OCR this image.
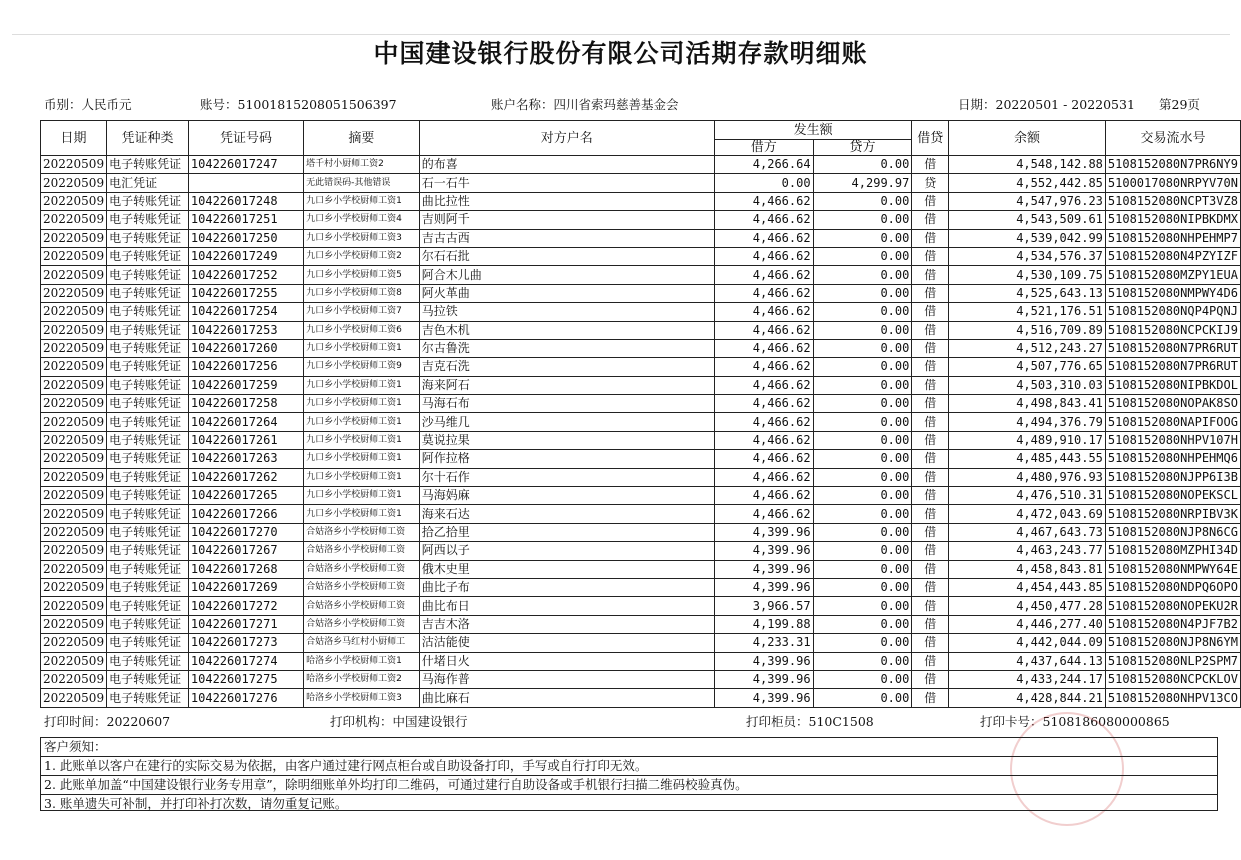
中国建设银行股份有限公司活期存款明细账
币别：人民币元	账号：51001815208051506397	账户名称：四川省索玛慈善基金会	日期：20220501 - 20220531 第29页
日期	凭证种类	凭证号码	摘要	对方户名	发生额		借贷	余额	交易流水号
					借方	贷方			
20220509	电子转账凭证	104226017247	塔千村小厨师工资2	的布喜	4,266.64	0.00	借	4,548,142.88	5108152080N7PR6NY9
20220509	电汇凭证		无此错误码-其他错误	石一石牛	0.00	4,299.97	贷	4,552,442.85	5100017080NRPYV70N
20220509	电子转账凭证	104226017248	九口乡小学校厨师工资1	曲比拉性	4,466.62	0.00	借	4,547,976.23	5108152080NCPT3VZ8
20220509	电子转账凭证	104226017251	九口乡小学校厨师工资4	吉则阿千	4,466.62	0.00	借	4,543,509.61	5108152080NIPBKDMX
20220509	电子转账凭证	104226017250	九口乡小学校厨师工资3	吉古古西	4,466.62	0.00	借	4,539,042.99	5108152080NHPEHMP7
20220509	电子转账凭证	104226017249	九口乡小学校厨师工资2	尔石石批	4,466.62	0.00	借	4,534,576.37	5108152080N4PZYIZF
20220509	电子转账凭证	104226017252	九口乡小学校厨师工资5	阿合木儿曲	4,466.62	0.00	借	4,530,109.75	5108152080MZPY1EUA
20220509	电子转账凭证	104226017255	九口乡小学校厨师工资8	阿火革曲	4,466.62	0.00	借	4,525,643.13	5108152080NMPWY4D6
20220509	电子转账凭证	104226017254	九口乡小学校厨师工资7	马拉铁	4,466.62	0.00	借	4,521,176.51	5108152080NQP4PQNJ
20220509	电子转账凭证	104226017253	九口乡小学校厨师工资6	吉色木机	4,466.62	0.00	借	4,516,709.89	5108152080NCPCKIJ9
20220509	电子转账凭证	104226017260	九口乡小学校厨师工资1	尔古鲁洗	4,466.62	0.00	借	4,512,243.27	5108152080N7PR6RUT
20220509	电子转账凭证	104226017256	九口乡小学校厨师工资9	吉克石洗	4,466.62	0.00	借	4,507,776.65	5108152080N7PR6RUT
20220509	电子转账凭证	104226017259	九口乡小学校厨师工资1	海来阿石	4,466.62	0.00	借	4,503,310.03	5108152080NIPBKDOL
20220509	电子转账凭证	104226017258	九口乡小学校厨师工资1	马海石布	4,466.62	0.00	借	4,498,843.41	5108152080NOPAK8SO
20220509	电子转账凭证	104226017264	九口乡小学校厨师工资1	沙马维几	4,466.62	0.00	借	4,494,376.79	5108152080NAPIFOOG
20220509	电子转账凭证	104226017261	九口乡小学校厨师工资1	莫说拉果	4,466.62	0.00	借	4,489,910.17	5108152080NHPV107H
20220509	电子转账凭证	104226017263	九口乡小学校厨师工资1	阿作拉格	4,466.62	0.00	借	4,485,443.55	5108152080NHPEHMQ6
20220509	电子转账凭证	104226017262	九口乡小学校厨师工资1	尔十石作	4,466.62	0.00	借	4,480,976.93	5108152080NJPP6I3B
20220509	电子转账凭证	104226017265	九口乡小学校厨师工资1	马海妈麻	4,466.62	0.00	借	4,476,510.31	5108152080NOPEKSCL
20220509	电子转账凭证	104226017266	九口乡小学校厨师工资1	海来石达	4,466.62	0.00	借	4,472,043.69	5108152080NRPIBV3K
20220509	电子转账凭证	104226017270	合姑洛乡小学校厨师工资	拾乙拾里	4,399.96	0.00	借	4,467,643.73	5108152080NJP8N6CG
20220509	电子转账凭证	104226017267	合姑洛乡小学校厨师工资	阿西以子	4,399.96	0.00	借	4,463,243.77	5108152080MZPHI34D
20220509	电子转账凭证	104226017268	合姑洛乡小学校厨师工资	俄木史里	4,399.96	0.00	借	4,458,843.81	5108152080NMPWY64E
20220509	电子转账凭证	104226017269	合姑洛乡小学校厨师工资	曲比子布	4,399.96	0.00	借	4,454,443.85	5108152080NDPQ6OPO
20220509	电子转账凭证	104226017272	合姑洛乡小学校厨师工资	曲比布日	3,966.57	0.00	借	4,450,477.28	5108152080NOPEKU2R
20220509	电子转账凭证	104226017271	合姑洛乡小学校厨师工资	吉吉木洛	4,199.88	0.00	借	4,446,277.40	5108152080N4PJF7B2
20220509	电子转账凭证	104226017273	合姑洛乡马红村小厨师工	沽沽能使	4,233.31	0.00	借	4,442,044.09	5108152080NJP8N6YM
20220509	电子转账凭证	104226017274	哈洛乡小学校厨师工资1	什堵日火	4,399.96	0.00	借	4,437,644.13	5108152080NLP2SPM7
20220509	电子转账凭证	104226017275	哈洛乡小学校厨师工资2	马海作普	4,399.96	0.00	借	4,433,244.17	5108152080NCPCKLOV
20220509	电子转账凭证	104226017276	哈洛乡小学校厨师工资3	曲比麻石	4,399.96	0.00	借	4,428,844.21	5108152080NHPV13CO
打印时间：20220607	打印机构：中国建设银行	打印柜员：510C1508	打印卡号：5108186080000865
客户须知：
1. 此账单以客户在建行的实际交易为依据，由客户通过建行网点柜台或自助设备打印，手写或自行打印无效。
2. 此账单加盖“中国建设银行业务专用章”，除明细账单外均打印二维码，可通过建行自助设备或手机银行扫描二维码校验真伪。
3. 账单遗失可补制，并打印补打次数，请勿重复记账。
